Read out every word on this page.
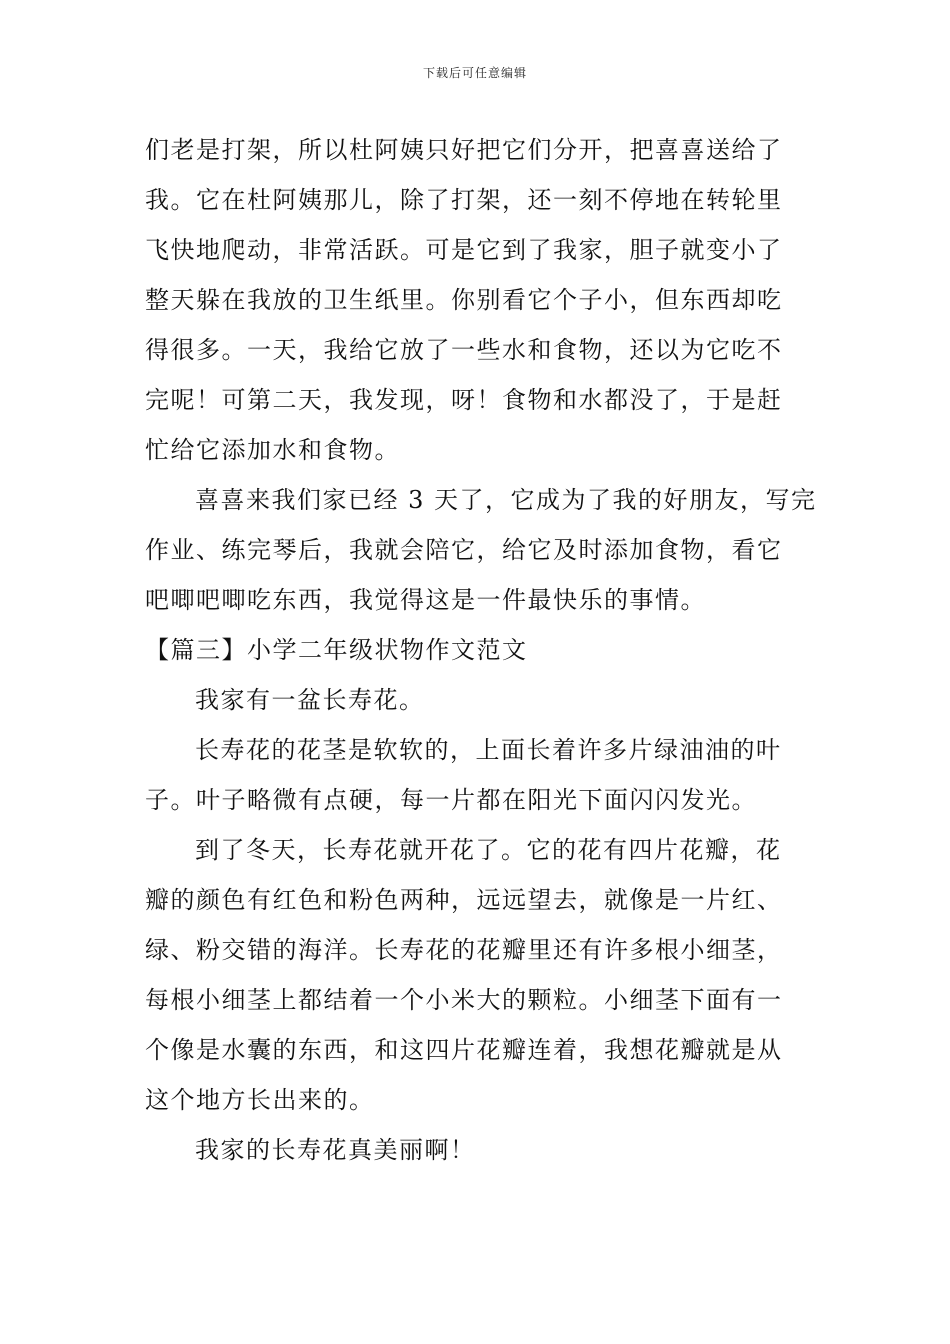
下载后可任意编辑
们老是打架，所以杜阿姨只好把它们分开，把喜喜送给了
我。它在杜阿姨那儿，除了打架，还一刻不停地在转轮里
飞快地爬动，非常活跃。可是它到了我家，胆子就变小了
整天躲在我放的卫生纸里。你别看它个子小，但东西却吃
得很多。一天，我给它放了一些水和食物，还以为它吃不
完呢！可第二天，我发现，呀！食物和水都没了，于是赶
忙给它添加水和食物。
喜喜来我们家已经 3 天了，它成为了我的好朋友，写完
作业、练完琴后，我就会陪它，给它及时添加食物，看它
吧唧吧唧吃东西，我觉得这是一件最快乐的事情。
【篇三】小学二年级状物作文范文
我家有一盆长寿花。
长寿花的花茎是软软的，上面长着许多片绿油油的叶
子。叶子略微有点硬，每一片都在阳光下面闪闪发光。
到了冬天，长寿花就开花了。它的花有四片花瓣，花
瓣的颜色有红色和粉色两种，远远望去，就像是一片红、
绿、粉交错的海洋。长寿花的花瓣里还有许多根小细茎，
每根小细茎上都结着一个小米大的颗粒。小细茎下面有一
个像是水囊的东西，和这四片花瓣连着，我想花瓣就是从
这个地方长出来的。
我家的长寿花真美丽啊！
